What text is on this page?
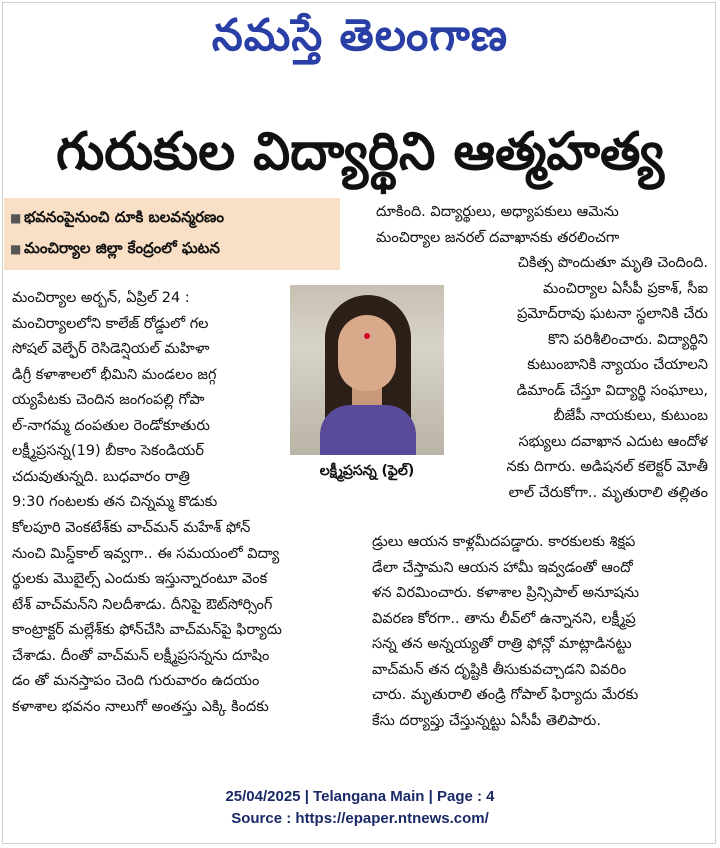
నమస్తే తెలంగాణ
గురుకుల విద్యార్థిని ఆత్మహత్య
■ భవనంపైనుంచి దూకి బలవన్మరణం
■ మంచిర్యాల జిల్లా కేంద్రంలో ఘటన
మంచిర్యాల అర్బన్, ఏప్రిల్ 24 :
మంచిర్యాలలోని కాలేజ్ రోడ్డులో గల
సోషల్ వెల్ఫేర్ రెసిడెన్షియల్ మహిళా
డిగ్రీ కళాశాలలో భీమిని మండలం జగ్గ
య్యపేటకు చెందిన జంగంపల్లి గోపా
ల్-నాగమ్మ దంపతుల రెండోకూతురు
లక్ష్మీప్రసన్న(19) బీకాం సెకండియర్
చదువుతున్నది. బుధవారం రాత్రి
9:30 గంటలకు తన చిన్నమ్మ కొడుకు
కోలపూరి వెంకటేశ్‌కు వాచ్‌మన్ మహేశ్ ఫోన్
నుంచి మిస్డ్‌కాల్ ఇవ్వగా.. ఈ సమయంలో విద్యా
ర్థులకు మొబైల్స్ ఎందుకు ఇస్తున్నారంటూ వెంక
టేశ్ వాచ్‌మన్‌ని నిలదీశాడు. దీనిపై ఔట్‌సోర్సింగ్
కాంట్రాక్టర్ మల్లేశ్‌కు ఫోన్‌చేసి వాచ్‌మన్‌పై ఫిర్యాదు
చేశాడు. దీంతో వాచ్‌మన్ లక్ష్మీప్రసన్నను దూషిం
డం తో మనస్తాపం చెంది గురువారం ఉదయం
కళాశాల భవనం నాలుగో అంతస్తు ఎక్కి కిందకు
లక్ష్మీప్రసన్న (ఫైల్)
దూకింది. విద్యార్థులు, అధ్యాపకులు ఆమెను
మంచిర్యాల జనరల్ దవాఖానకు తరలించగా
చికిత్స పొందుతూ మృతి చెందింది.
మంచిర్యాల ఏసీపీ ప్రకాశ్, సీఐ
ప్రమోద్‌రావు ఘటనా స్థలానికి చేరు
కొని పరిశీలించారు. విద్యార్థిని
కుటుంబానికి న్యాయం చేయాలని
డిమాండ్ చేస్తూ విద్యార్థి సంఘాలు,
బీజేపీ నాయకులు, కుటుంబ
సభ్యులు దవాఖాన ఎదుట ఆందోళ
నకు దిగారు. అడిషనల్ కలెక్టర్ మోతీ
లాల్ చేరుకోగా.. మృతురాలి తల్లితం
డ్రులు ఆయన కాళ్లమీదపడ్డారు. కారకులకు శిక్షప
డేలా చేస్తామని ఆయన హామీ ఇవ్వడంతో ఆందో
ళన విరమించారు. కళాశాల ప్రిన్సిపాల్ అనూషను
వివరణ కోరగా.. తాను లీవ్‌లో ఉన్నానని, లక్ష్మీప్ర
సన్న తన అన్నయ్యతో రాత్రి ఫోన్లో మాట్లాడినట్టు
వాచ్‌మన్ తన దృష్టికి తీసుకువచ్చాడని వివరిం
చారు. మృతురాలి తండ్రి గోపాల్ ఫిర్యాదు మేరకు
కేసు దర్యాప్తు చేస్తున్నట్టు ఏసీపీ తెలిపారు.
25/04/2025 | Telangana Main | Page : 4
Source : https://epaper.ntnews.com/
